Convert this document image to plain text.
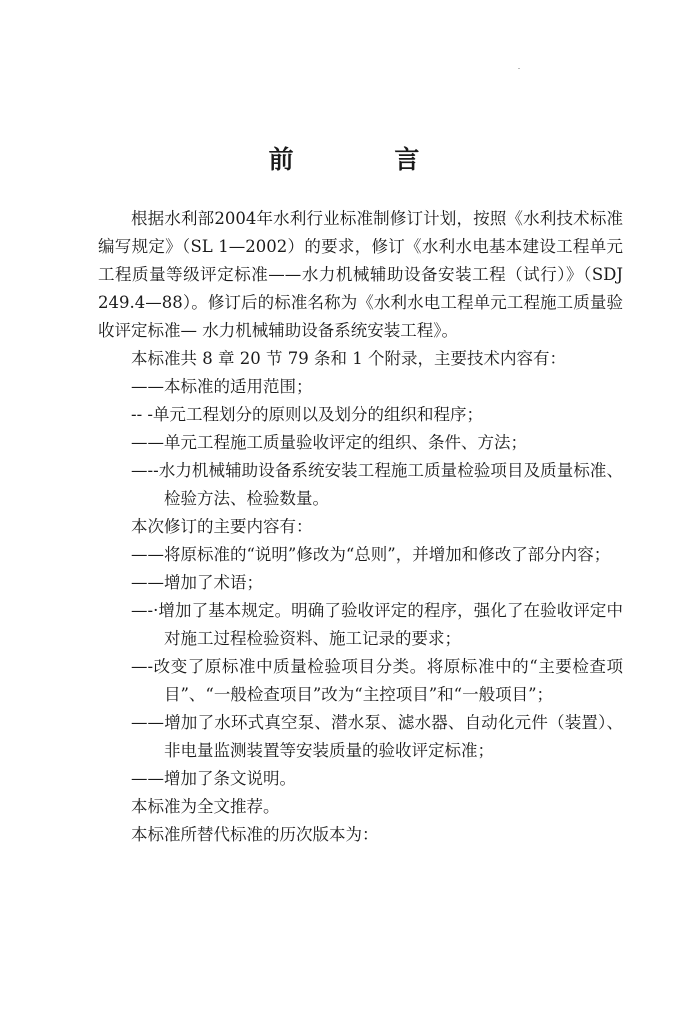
前 言

根据水利部2004年水利行业标准制修订计划，按照《水利技术标准编写规定》（SL 1—2002）的要求，修订《水利水电基本建设工程单元工程质量等级评定标准——水力机械辅助设备安装工程（试行）》（SDJ 249.4—88）。修订后的标准名称为《水利水电工程单元工程施工质量验收评定标准— 水力机械辅助设备系统安装工程》。

本标准共 8 章 20 节 79 条和 1 个附录，主要技术内容有：

——本标准的适用范围；

-- -单元工程划分的原则以及划分的组织和程序；

——单元工程施工质量验收评定的组织、条件、方法；

—--水力机械辅助设备系统安装工程施工质量检验项目及质量标准、检验方法、检验数量。

本次修订的主要内容有：

——将原标准的“说明”修改为“总则”，并增加和修改了部分内容；

——增加了术语；

—-·增加了基本规定。明确了验收评定的程序，强化了在验收评定中对施工过程检验资料、施工记录的要求；

—-改变了原标准中质量检验项目分类。将原标准中的“主要检查项目”、“一般检查项目”改为“主控项目”和“一般项目”；

——增加了水环式真空泵、潜水泵、滤水器、自动化元件（装置）、非电量监测装置等安装质量的验收评定标准；

——增加了条文说明。

本标准为全文推荐。

本标准所替代标准的历次版本为：
